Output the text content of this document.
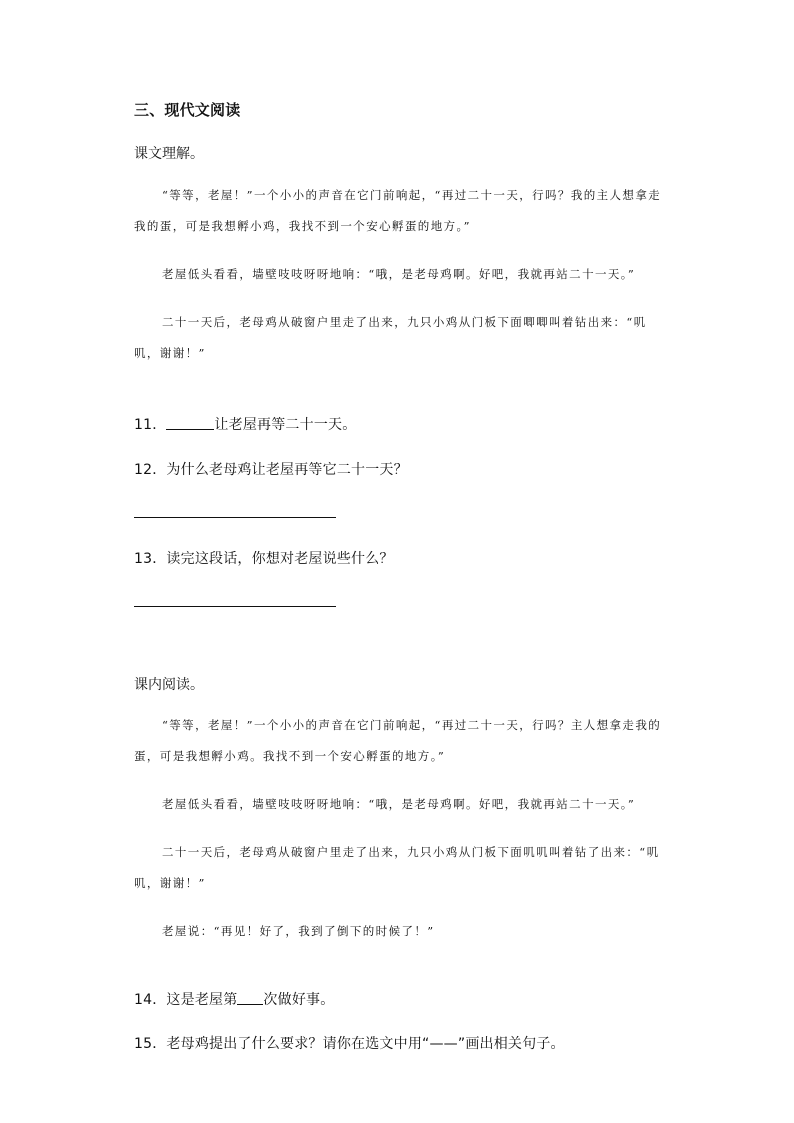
三、现代文阅读
课文理解。
“等等，老屋！”一个小小的声音在它门前响起，“再过二十一天，行吗？我的主人想拿走我的蛋，可是我想孵小鸡，我找不到一个安心孵蛋的地方。”
老屋低头看看，墙壁吱吱呀呀地响：“哦，是老母鸡啊。好吧，我就再站二十一天。”
二十一天后，老母鸡从破窗户里走了出来，九只小鸡从门板下面唧唧叫着钻出来：“叽叽，谢谢！”
11．	让老屋再等二十一天。
12．为什么老母鸡让老屋再等它二十一天？
13．读完这段话，你想对老屋说些什么？
课内阅读。
“等等，老屋！”一个小小的声音在它门前响起，“再过二十一天，行吗？主人想拿走我的蛋，可是我想孵小鸡。我找不到一个安心孵蛋的地方。”
老屋低头看看，墙壁吱吱呀呀地响：“哦，是老母鸡啊。好吧，我就再站二十一天。”
二十一天后，老母鸡从破窗户里走了出来，九只小鸡从门板下面叽叽叫着钻了出来：“叽叽，谢谢！”
老屋说：“再见！好了，我到了倒下的时候了！”
14．这是老屋第 次做好事。
15．老母鸡提出了什么要求？请你在选文中用“——”画出相关句子。
